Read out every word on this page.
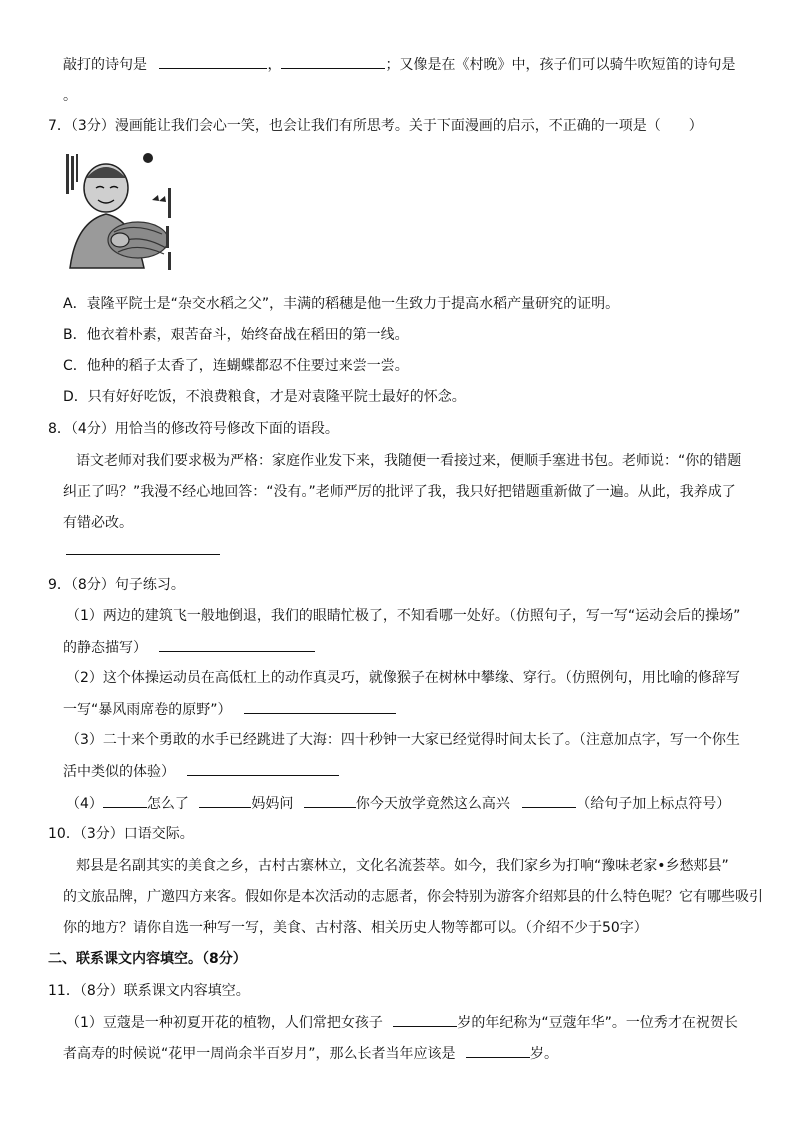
敲打的诗句是	，	；又像是在《村晚》中，孩子们可以骑牛吹短笛的诗句是
。
7．（3分）漫画能让我们会心一笑，也会让我们有所思考。关于下面漫画的启示，不正确的一项是（　　）
A．袁隆平院士是“杂交水稻之父”，丰满的稻穗是他一生致力于提高水稻产量研究的证明。
B．他衣着朴素，艰苦奋斗，始终奋战在稻田的第一线。
C．他种的稻子太香了，连蝴蝶都忍不住要过来尝一尝。
D．只有好好吃饭，不浪费粮食，才是对袁隆平院士最好的怀念。
8．（4分）用恰当的修改符号修改下面的语段。
语文老师对我们要求极为严格：家庭作业发下来，我随便一看接过来，便顺手塞进书包。老师说：“你的错题
纠正了吗？”我漫不经心地回答：“没有。”老师严厉的批评了我，我只好把错题重新做了一遍。从此，我养成了
有错必改。
9．（8分）句子练习。
（1）两边的建筑飞一般地倒退，我们的眼睛忙极了，不知看哪一处好。（仿照句子，写一写“运动会后的操场”
的静态描写）
（2）这个体操运动员在高低杠上的动作真灵巧，就像猴子在树林中攀缘、穿行。（仿照例句，用比喻的修辞写
一写“暴风雨席卷的原野”）
（3）二十来个勇敢的水手已经跳进了大海：四十秒钟一大家已经觉得时间太长了。（注意加点字，写一个你生
活中类似的体验）
（4）	怎么了	妈妈问	你今天放学竟然这么高兴	（给句子加上标点符号）
10．（3分）口语交际。
郏县是名副其实的美食之乡，古村古寨林立，文化名流荟萃。如今，我们家乡为打响“豫味老家•乡愁郏县”
的文旅品牌，广邀四方来客。假如你是本次活动的志愿者，你会特别为游客介绍郏县的什么特色呢？它有哪些吸引
你的地方？请你自选一种写一写，美食、古村落、相关历史人物等都可以。（介绍不少于50字）
二、联系课文内容填空。（8分）
11．（8分）联系课文内容填空。
（1）豆蔻是一种初夏开花的植物，人们常把女孩子	岁的年纪称为“豆蔻年华”。一位秀才在祝贺长
者高寿的时候说“花甲一周尚余半百岁月”，那么长者当年应该是	岁。
